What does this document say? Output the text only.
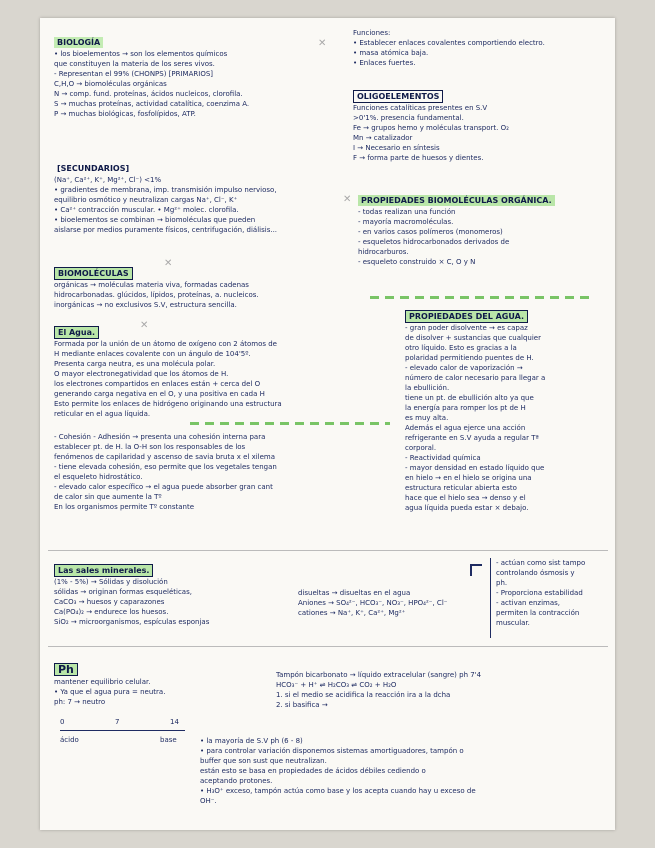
BIOLOGÍA
• los bioelementos → son los elementos químicos
que constituyen la materia de los seres vivos.
- Representan el 99% (CHONPS) [PRIMARIOS]
C,H,O → biomoléculas orgánicas
N → comp. fund. proteínas, ácidos nucleicos, clorofila.
S → muchas proteínas, actividad catalítica, coenzima A.
P → muchas biológicas, fosfolípidos, ATP.
✕
[SECUNDARIOS]
(Na⁺, Ca²⁺, K⁺, Mg²⁺, Cl⁻) <1%
• gradientes de membrana, imp. transmisión impulso nervioso,
equilibrio osmótico y neutralizan cargas Na⁺, Cl⁻, K⁺
• Ca²⁺ contracción muscular. • Mg²⁺ molec. clorofila.
• bioelementos se combinan → biomoléculas que pueden
aislarse por medios puramente físicos, centrifugación, diálisis...
BIOMOLÉCULAS
orgánicas → moléculas materia viva, formadas cadenas
hidrocarbonadas. glúcidos, lípidos, proteínas, a. nucleicos.
inorgánicas → no exclusivos S.V, estructura sencilla.
✕
Funciones:
• Establecer enlaces covalentes comportiendo electro.
• masa atómica baja.
• Enlaces fuertes.
OLIGOELEMENTOS
Funciones catalíticas presentes en S.V
>0'1%. presencia fundamental.
Fe → grupos hemo y moléculas transport. O₂
Mn → catalizador
I → Necesario en síntesis
F → forma parte de huesos y dientes.
✕	PROPIEDADES BIOMOLÉCULAS ORGÁNICA.
- todas realizan una función
- mayoría macromoléculas.
- en varios casos polímeros (monomeros)
- esqueletos hidrocarbonados derivados de
hidrocarburos.
- esqueleto construido × C, O y N
El Agua.
Formada por la unión de un átomo de oxígeno con 2 átomos de
H mediante enlaces covalente con un ángulo de 104'5º.
Presenta carga neutra, es una molécula polar.
O mayor electronegatividad que los átomos de H.
los electrones compartidos en enlaces están + cerca del O
generando carga negativa en el O, y una positiva en cada H
Esto permite los enlaces de hidrógeno originando una estructura
reticular en el agua líquida.
✕
- Cohesión - Adhesión → presenta una cohesión interna para
establecer pt. de H. la O-H son los responsables de los
fenómenos de capilaridad y ascenso de savia bruta x el xilema
- tiene elevada cohesión, eso permite que los vegetales tengan
el esqueleto hidrostático.
- elevado calor específico → el agua puede absorber gran cant
de calor sin que aumente la Tº
En los organismos permite Tº constante
PROPIEDADES DEL AGUA.
- gran poder disolvente → es capaz
de disolver + sustancias que cualquier
otro líquido. Esto es gracias a la
polaridad permitiendo puentes de H.
- elevado calor de vaporización →
número de calor necesario para llegar a
la ebullición.
tiene un pt. de ebullición alto ya que
la energía para romper los pt de H
es muy alta.
Además el agua ejerce una acción
refrigerante en S.V ayuda a regular Tª
corporal.
- Reactividad química
- mayor densidad en estado líquido que
en hielo → en el hielo se origina una
estructura reticular abierta esto
hace que el hielo sea → denso y el
agua líquida pueda estar × debajo.
Las sales minerales.
(1% - 5%) → Sólidas y disolución
sólidas → originan formas esqueléticas,
CaCO₃ → huesos y caparazones
Ca(PO₄)₂ → endurece los huesos.
SiO₂ → microorganismos, espículas esponjas
disueltas → disueltas en el agua
Aniones → SO₄²⁻, HCO₃⁻, NO₃⁻, HPO₄²⁻, Cl⁻
cationes → Na⁺, K⁺, Ca²⁺, Mg²⁺
- actúan como sist tampo
controlando ósmosis y
ph.
- Proporciona estabilidad
- activan enzimas,
permiten la contracción
muscular.
Ph
mantener equilibrio celular.
• Ya que el agua pura = neutra.
ph: 7 → neutro
0	7	14
ácido	base
Tampón bicarbonato → líquido extracelular (sangre) ph 7'4
HCO₃⁻ + H⁺ ⇌ H₂CO₃ ⇌ CO₂ + H₂O
1. si el medio se acidifica la reacción ira a la dcha
2. si basifica →
• la mayoría de S.V ph (6 - 8)
• para controlar variación disponemos sistemas amortiguadores, tampón o
buffer que son sust que neutralizan.
están esto se basa en propiedades de ácidos débiles cediendo o
aceptando protones.
• H₃O⁺ exceso, tampón actúa como base y los acepta cuando hay u exceso de
OH⁻.
